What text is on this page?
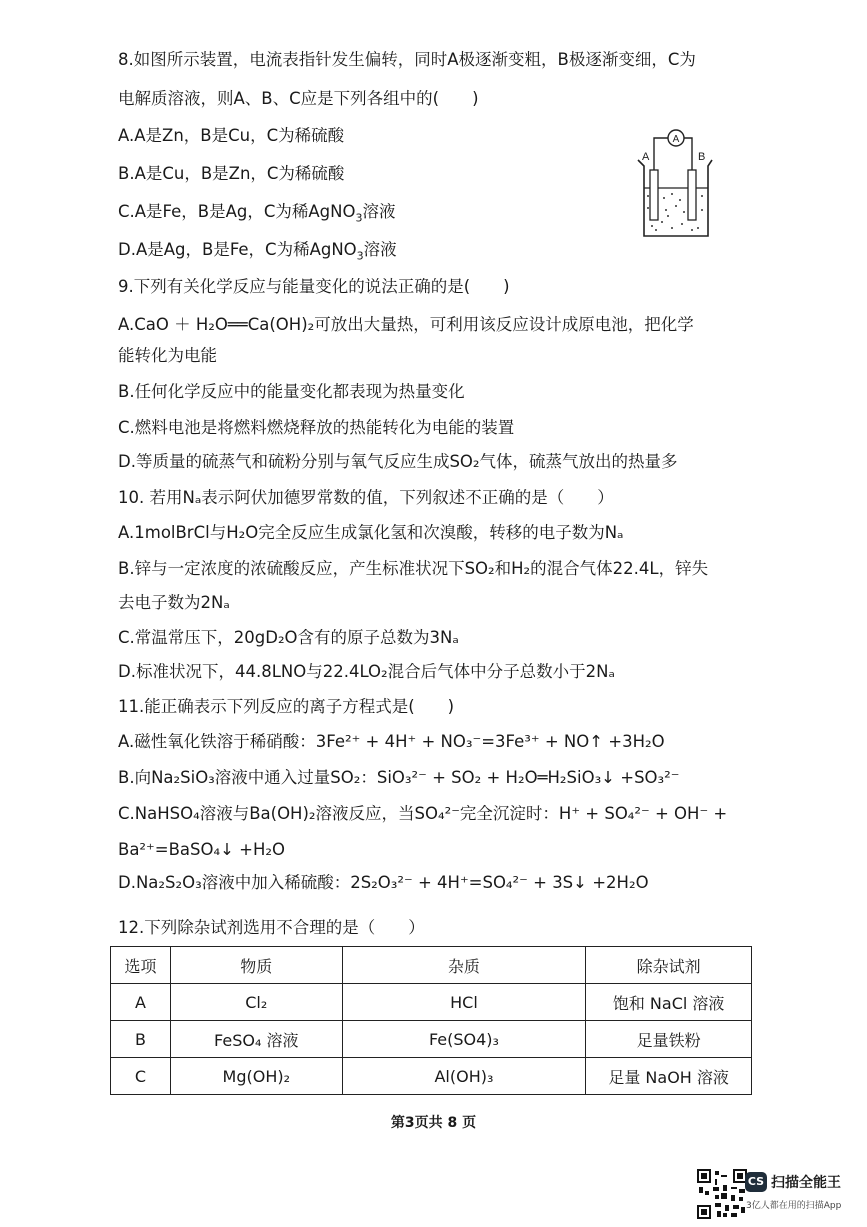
8.如图所示装置，电流表指针发生偏转，同时A极逐渐变粗，B极逐渐变细，C为
电解质溶液，则A、B、C应是下列各组中的(　　)
A.A是Zn，B是Cu，C为稀硫酸
B.A是Cu，B是Zn，C为稀硫酸
C.A是Fe，B是Ag，C为稀AgNO$_3$溶液
D.A是Ag，B是Fe，C为稀AgNO$_3$溶液
A
A	B
9.下列有关化学反应与能量变化的说法正确的是(　　)
A.CaO ＋ H₂O══Ca(OH)₂可放出大量热，可利用该反应设计成原电池，把化学
能转化为电能
B.任何化学反应中的能量变化都表现为热量变化
C.燃料电池是将燃料燃烧释放的热能转化为电能的装置
D.等质量的硫蒸气和硫粉分别与氧气反应生成SO₂气体，硫蒸气放出的热量多
10. 若用Nₐ表示阿伏加德罗常数的值，下列叙述不正确的是（　　）
A.1molBrCl与H₂O完全反应生成氯化氢和次溴酸，转移的电子数为Nₐ
B.锌与一定浓度的浓硫酸反应，产生标准状况下SO₂和H₂的混合气体22.4L，锌失
去电子数为2Nₐ
C.常温常压下，20gD₂O含有的原子总数为3Nₐ
D.标准状况下，44.8LNO与22.4LO₂混合后气体中分子总数小于2Nₐ
11.能正确表示下列反应的离子方程式是(　　)
A.磁性氧化铁溶于稀硝酸：3Fe²⁺ + 4H⁺ + NO₃⁻=3Fe³⁺ + NO↑ +3H₂O
B.向Na₂SiO₃溶液中通入过量SO₂：SiO₃²⁻ + SO₂ + H₂O═H₂SiO₃↓ +SO₃²⁻
C.NaHSO₄溶液与Ba(OH)₂溶液反应，当SO₄²⁻完全沉淀时：H⁺ + SO₄²⁻ + OH⁻ +
Ba²⁺=BaSO₄↓ +H₂O
D.Na₂S₂O₃溶液中加入稀硫酸：2S₂O₃²⁻ + 4H⁺=SO₄²⁻ + 3S↓ +2H₂O
12.下列除杂试剂选用不合理的是（　　）
选项	物质	杂质	除杂试剂
A	Cl₂	HCl	饱和 NaCl 溶液
B	FeSO₄ 溶液	Fe(SO4)₃	足量铁粉
C	Mg(OH)₂	Al(OH)₃	足量 NaOH 溶液
第3页共 8 页
CS 扫描全能王
3亿人都在用的扫描App
